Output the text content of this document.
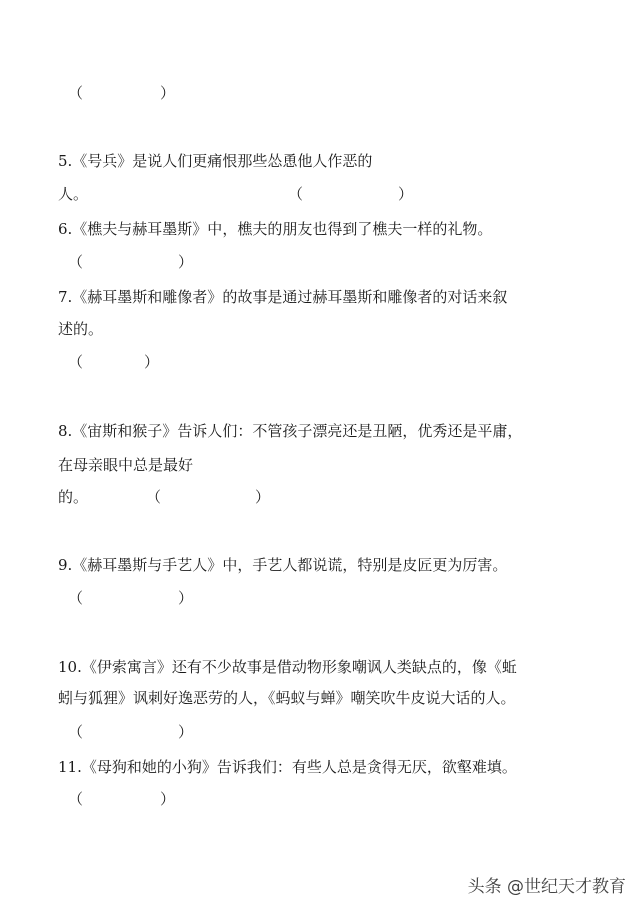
（	）
5.《号兵》是说人们更痛恨那些怂恿他人作恶的
人。	（	）
6.《樵夫与赫耳墨斯》中，樵夫的朋友也得到了樵夫一样的礼物。
（	）
7.《赫耳墨斯和雕像者》的故事是通过赫耳墨斯和雕像者的对话来叙
述的。
（	）
8.《宙斯和猴子》告诉人们：不管孩子漂亮还是丑陋，优秀还是平庸，
在母亲眼中总是最好
的。	（	）
9.《赫耳墨斯与手艺人》中，手艺人都说谎，特别是皮匠更为厉害。
（	）
10.《伊索寓言》还有不少故事是借动物形象嘲讽人类缺点的，像《蚯
蚓与狐狸》讽刺好逸恶劳的人，《蚂蚁与蝉》嘲笑吹牛皮说大话的人。
（	）
11.《母狗和她的小狗》告诉我们：有些人总是贪得无厌，欲壑难填。
（	）
头条 @世纪天才教育
